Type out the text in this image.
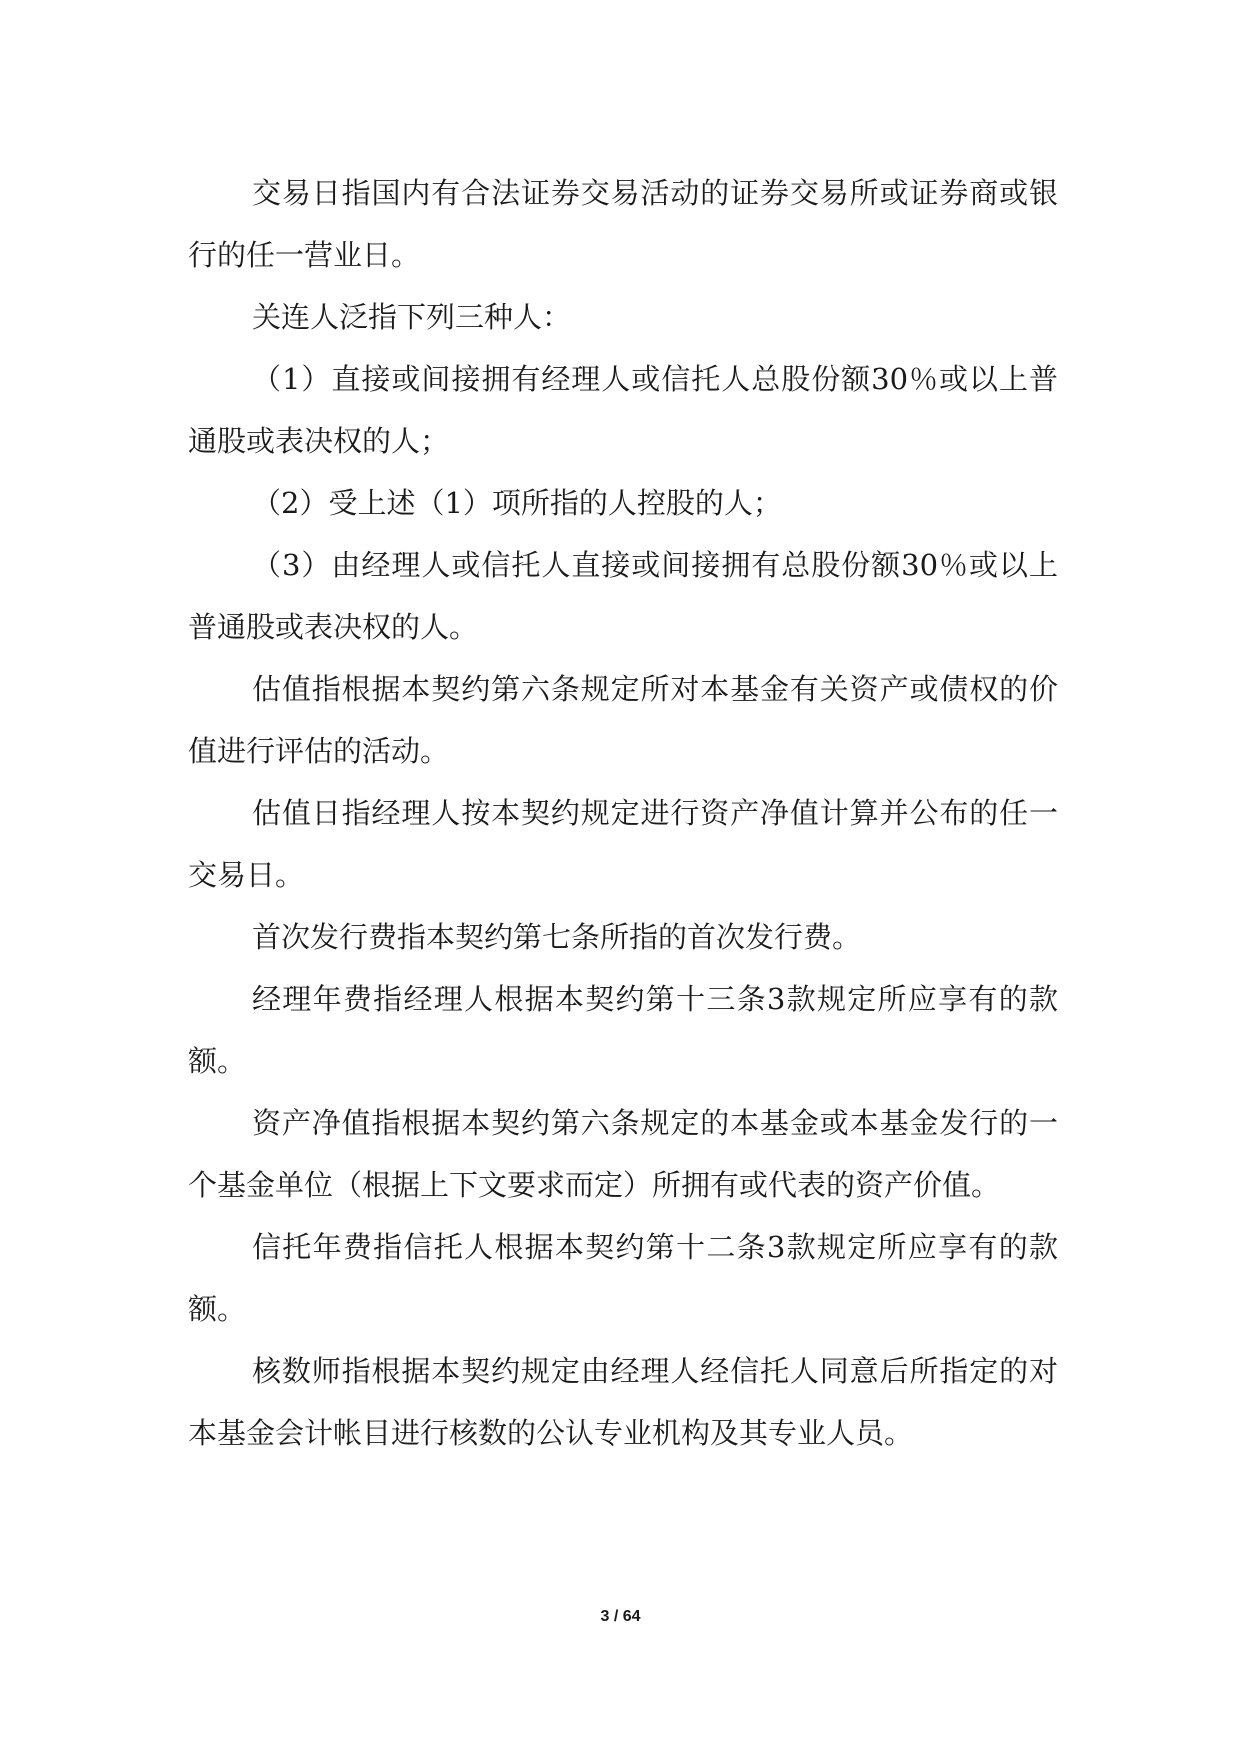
交易日指国内有合法证券交易活动的证券交易所或证券商或银行的任一营业日。

关连人泛指下列三种人：

（1）直接或间接拥有经理人或信托人总股份额30％或以上普通股或表决权的人；

（2）受上述（1）项所指的人控股的人；

（3）由经理人或信托人直接或间接拥有总股份额30％或以上普通股或表决权的人。

估值指根据本契约第六条规定所对本基金有关资产或债权的价值进行评估的活动。

估值日指经理人按本契约规定进行资产净值计算并公布的任一交易日。

首次发行费指本契约第七条所指的首次发行费。

经理年费指经理人根据本契约第十三条3款规定所应享有的款额。

资产净值指根据本契约第六条规定的本基金或本基金发行的一个基金单位（根据上下文要求而定）所拥有或代表的资产价值。

信托年费指信托人根据本契约第十二条3款规定所应享有的款额。

核数师指根据本契约规定由经理人经信托人同意后所指定的对本基金会计帐目进行核数的公认专业机构及其专业人员。

3 / 64
